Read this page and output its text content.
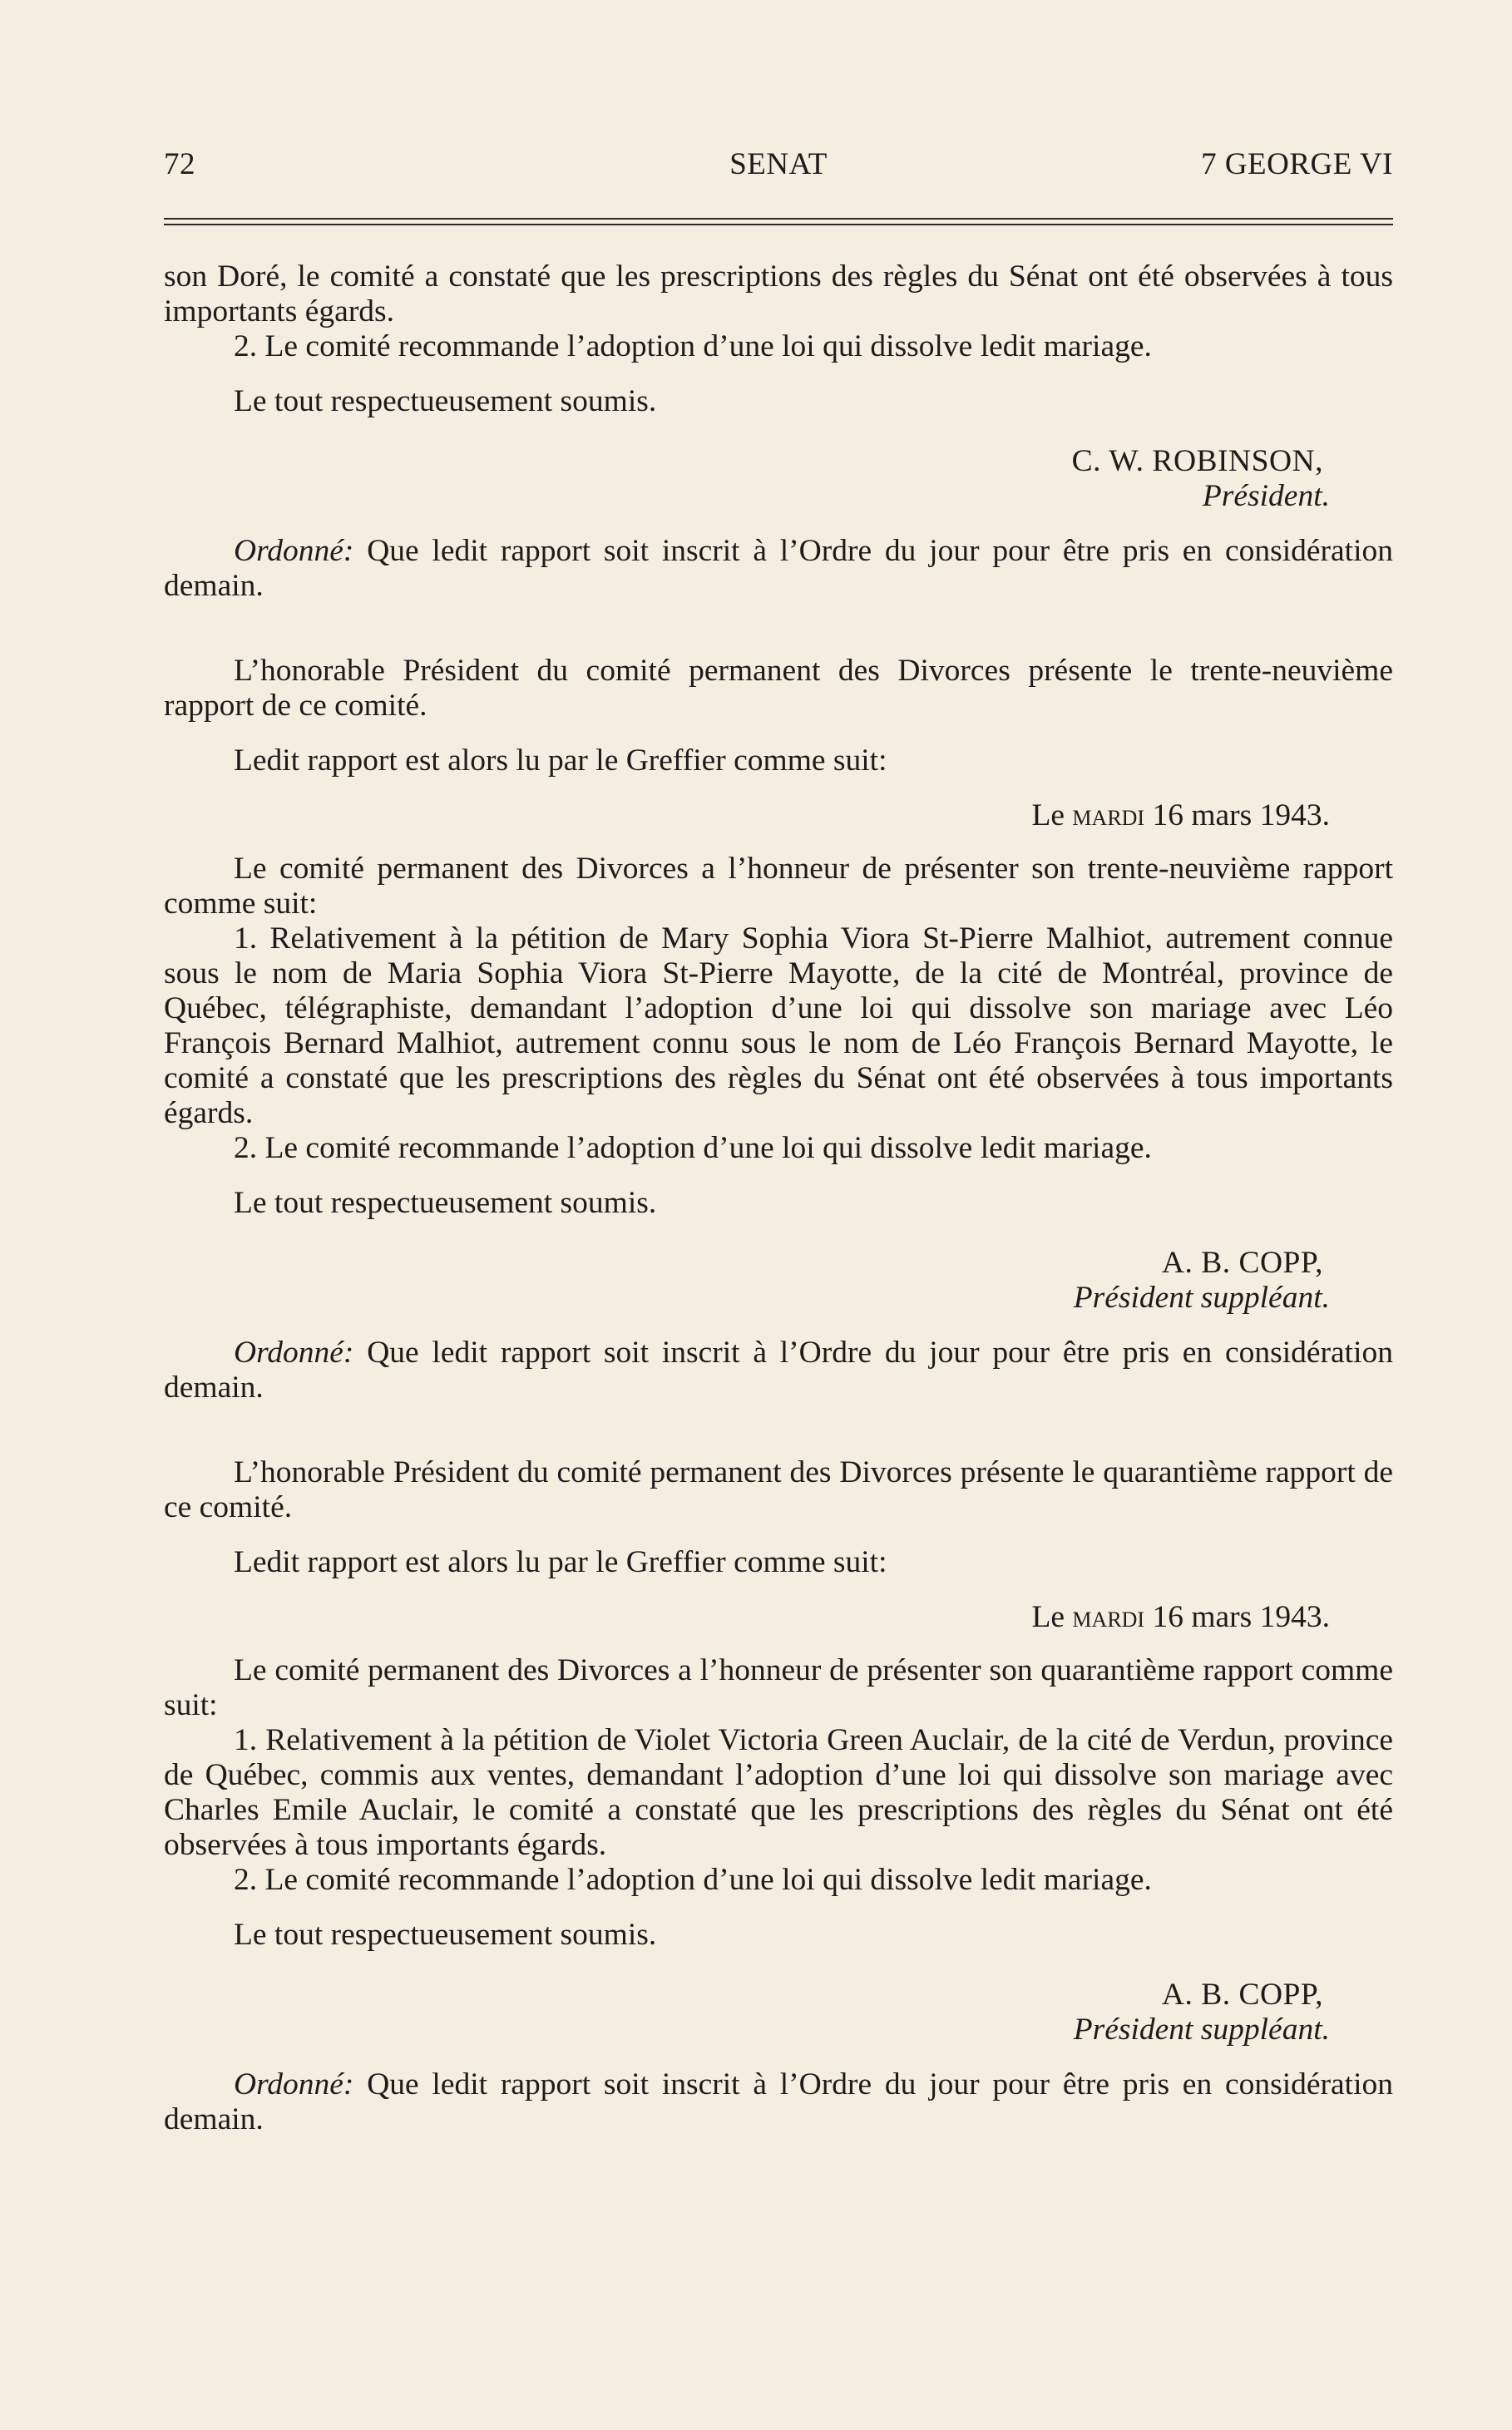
72	SENAT	7 GEORGE VI

son Doré, le comité a constaté que les prescriptions des règles du Sénat ont été observées à tous importants égards.

2. Le comité recommande l’adoption d’une loi qui dissolve ledit mariage.

Le tout respectueusement soumis.

C. W. ROBINSON,

Président.

Ordonné: Que ledit rapport soit inscrit à l’Ordre du jour pour être pris en considération demain.

L’honorable Président du comité permanent des Divorces présente le trente-neuvième rapport de ce comité.

Ledit rapport est alors lu par le Greffier comme suit:

Le mardi 16 mars 1943.

Le comité permanent des Divorces a l’honneur de présenter son trente-neuvième rapport comme suit:

1. Relativement à la pétition de Mary Sophia Viora St-Pierre Malhiot, autrement connue sous le nom de Maria Sophia Viora St-Pierre Mayotte, de la cité de Montréal, province de Québec, télégraphiste, demandant l’adoption d’une loi qui dissolve son mariage avec Léo François Bernard Malhiot, autrement connu sous le nom de Léo François Bernard Mayotte, le comité a constaté que les prescriptions des règles du Sénat ont été observées à tous importants égards.

2. Le comité recommande l’adoption d’une loi qui dissolve ledit mariage.

Le tout respectueusement soumis.

A. B. COPP,

Président suppléant.

Ordonné: Que ledit rapport soit inscrit à l’Ordre du jour pour être pris en considération demain.

L’honorable Président du comité permanent des Divorces présente le quarantième rapport de ce comité.

Ledit rapport est alors lu par le Greffier comme suit:

Le mardi 16 mars 1943.

Le comité permanent des Divorces a l’honneur de présenter son quarantième rapport comme suit:

1. Relativement à la pétition de Violet Victoria Green Auclair, de la cité de Verdun, province de Québec, commis aux ventes, demandant l’adoption d’une loi qui dissolve son mariage avec Charles Emile Auclair, le comité a constaté que les prescriptions des règles du Sénat ont été observées à tous importants égards.

2. Le comité recommande l’adoption d’une loi qui dissolve ledit mariage.

Le tout respectueusement soumis.

A. B. COPP,

Président suppléant.

Ordonné: Que ledit rapport soit inscrit à l’Ordre du jour pour être pris en considération demain.
